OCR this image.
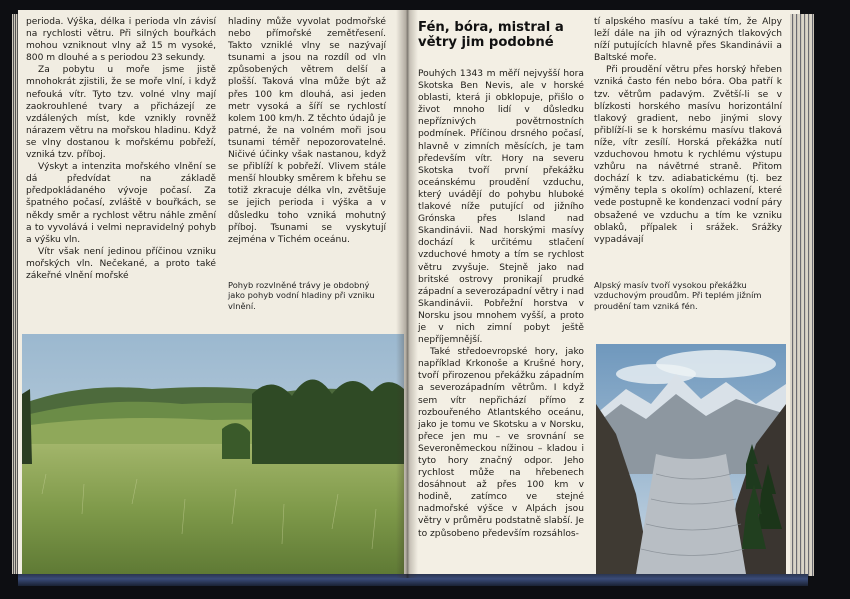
perioda. Výška, délka i perioda vln závisí na rychlosti větru. Při silných bouřkách mohou vzniknout vlny až 15 m vysoké, 800 m dlouhé a s periodou 23 sekundy.

Za pobytu u moře jsme jistě mnohokrát zjistili, že se moře vlní, i když nefouká vítr. Tyto tzv. volné vlny mají zaokrouhlené tvary a přicházejí ze vzdálených míst, kde vznikly rovněž nárazem větru na mořskou hladinu. Když se vlny dostanou k mořskému pobřeží, vzniká tzv. příboj.

Výskyt a intenzita mořského vlnění se dá předvídat na základě předpokládaného vývoje počasí. Za špatného počasí, zvláště v bouřkách, se někdy směr a rychlost větru náhle změní a to vyvolává i velmi nepravidelný pohyb a výšku vln.

Vítr však není jedinou příčinou vzniku mořských vln. Nečekané, a proto také zákeřné vlnění mořské

hladiny může vyvolat podmořské nebo přímořské zemětřesení. Takto vzniklé vlny se nazývají tsunami a jsou na rozdíl od vln způsobených větrem delší a plošší. Taková vlna může být až přes 100 km dlouhá, asi jeden metr vysoká a šíří se rychlostí kolem 100 km/h. Z těchto údajů je patrné, že na volném moři jsou tsunami téměř nepozorovatelné. Ničivé účinky však nastanou, když se přiblíží k pobřeží. Vlivem stále menší hloubky směrem k břehu se totiž zkracuje délka vln, zvětšuje se jejich perioda i výška a v důsledku toho vzniká mohutný příboj. Tsunami se vyskytují zejména v Tichém oceánu.

Pohyb rozvlněné trávy je obdobný jako pohyb vodní hladiny při vzniku vlnění.
Fén, bóra, mistral a větry jim podobné

Pouhých 1343 m měří nejvyšší hora Skotska Ben Nevis, ale v horské oblasti, která ji obklopuje, přišlo o život mnoho lidí v důsledku nepříznivých povětrnostních podmínek. Příčinou drsného počasí, hlavně v zimních měsících, je tam především vítr. Hory na severu Skotska tvoří první překážku oceánskému proudění vzduchu, který uvádějí do pohybu hluboké tlakové níže putující od jižního Grónska přes Island nad Skandinávii. Nad horskými masívy dochází k určitému stlačení vzduchové hmoty a tím se rychlost větru zvyšuje. Stejně jako nad britské ostrovy pronikají prudké západní a severozápadní větry i nad Skandinávii. Pobřežní horstva v Norsku jsou mnohem vyšší, a proto je v nich zimní pobyt ještě nepříjemnější.

Také středoevropské hory, jako například Krkonoše a Krušné hory, tvoří přirozenou překážku západním a severozápadním větrům. I když sem vítr nepřichází přímo z rozbouřeného Atlantského oceánu, jako je tomu ve Skotsku a v Norsku, přece jen mu – ve srovnání se Severoněmeckou nížinou – kladou i tyto hory značný odpor. Jeho rychlost může na hřebenech dosáhnout až přes 100 km v hodině, zatímco ve stejné nadmořské výšce v Alpách jsou větry v průměru podstatně slabší. Je to způsobeno především rozsáhlos-

tí alpského masívu a také tím, že Alpy leží dále na jih od výrazných tlakových níží putujících hlavně přes Skandinávii a Baltské moře.

Při proudění větru přes horský hřeben vzniká často fén nebo bóra. Oba patří k tzv. větrům padavým. Zvětší-li se v blízkosti horského masívu horizontální tlakový gradient, nebo jinými slovy přiblíží-li se k horskému masívu tlaková níže, vítr zesílí. Horská překážka nutí vzduchovou hmotu k rychlému výstupu vzhůru na návětrné straně. Přitom dochází k tzv. adiabatickému (tj. bez výměny tepla s okolím) ochlazení, které vede postupně ke kondenzaci vodní páry obsažené ve vzduchu a tím ke vzniku oblaků, přípalek i srážek. Srážky vypadávají

Alpský masív tvoří vysokou překážku vzduchovým proudům. Při teplém jižním proudění tam vzniká fén.
